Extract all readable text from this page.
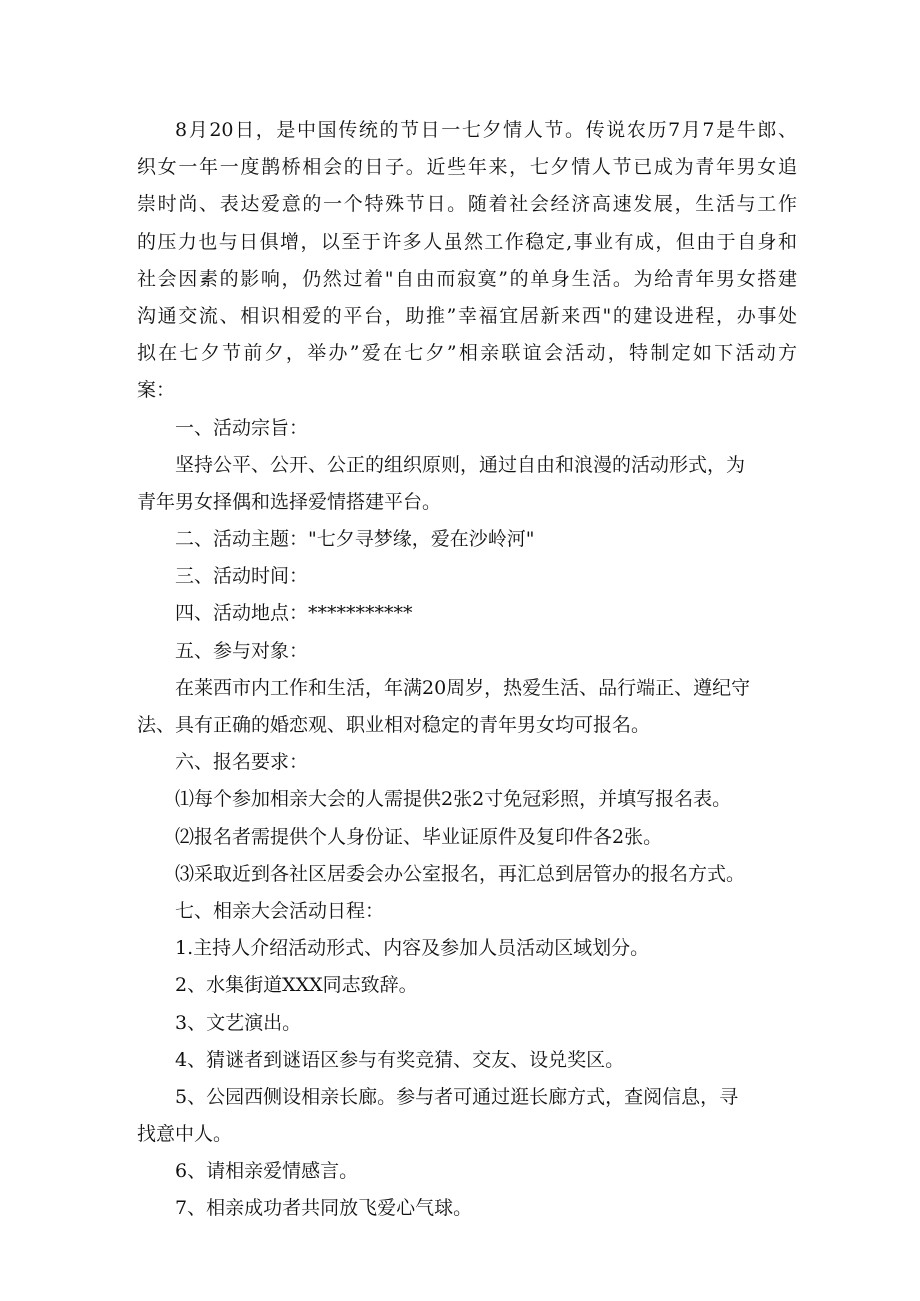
8月20日，是中国传统的节日一七夕情人节。传说农历7月7是牛郎、
织女一年一度鹊桥相会的日子。近些年来，七夕情人节已成为青年男女追
崇时尚、表达爱意的一个特殊节日。随着社会经济高速发展，生活与工作
的压力也与日俱增，以至于许多人虽然工作稳定,事业有成，但由于自身和
社会因素的影响，仍然过着"自由而寂寞”的单身生活。为给青年男女搭建
沟通交流、相识相爱的平台，助推”幸福宜居新来西"的建设进程，办事处
拟在七夕节前夕，举办”爱在七夕”相亲联谊会活动，特制定如下活动方
案：
一、活动宗旨：
坚持公平、公开、公正的组织原则，通过自由和浪漫的活动形式，为
青年男女择偶和选择爱情搭建平台。
二、活动主题："七夕寻梦缘，爱在沙岭河"
三、活动时间：
四、活动地点：***********
五、参与对象：
在莱西市内工作和生活，年满20周岁，热爱生活、品行端正、遵纪守
法、具有正确的婚恋观、职业相对稳定的青年男女均可报名。
六、报名要求：
⑴每个参加相亲大会的人需提供2张2寸免冠彩照，并填写报名表。
⑵报名者需提供个人身份证、毕业证原件及复印件各2张。
⑶采取近到各社区居委会办公室报名，再汇总到居管办的报名方式。
七、相亲大会活动日程：
1.主持人介绍活动形式、内容及参加人员活动区域划分。
2、水集街道XXX同志致辞。
3、文艺演出。
4、猜谜者到谜语区参与有奖竞猜、交友、设兑奖区。
5、公园西侧设相亲长廊。参与者可通过逛长廊方式，查阅信息，寻
找意中人。
6、请相亲爱情感言。
7、相亲成功者共同放飞爱心气球。
